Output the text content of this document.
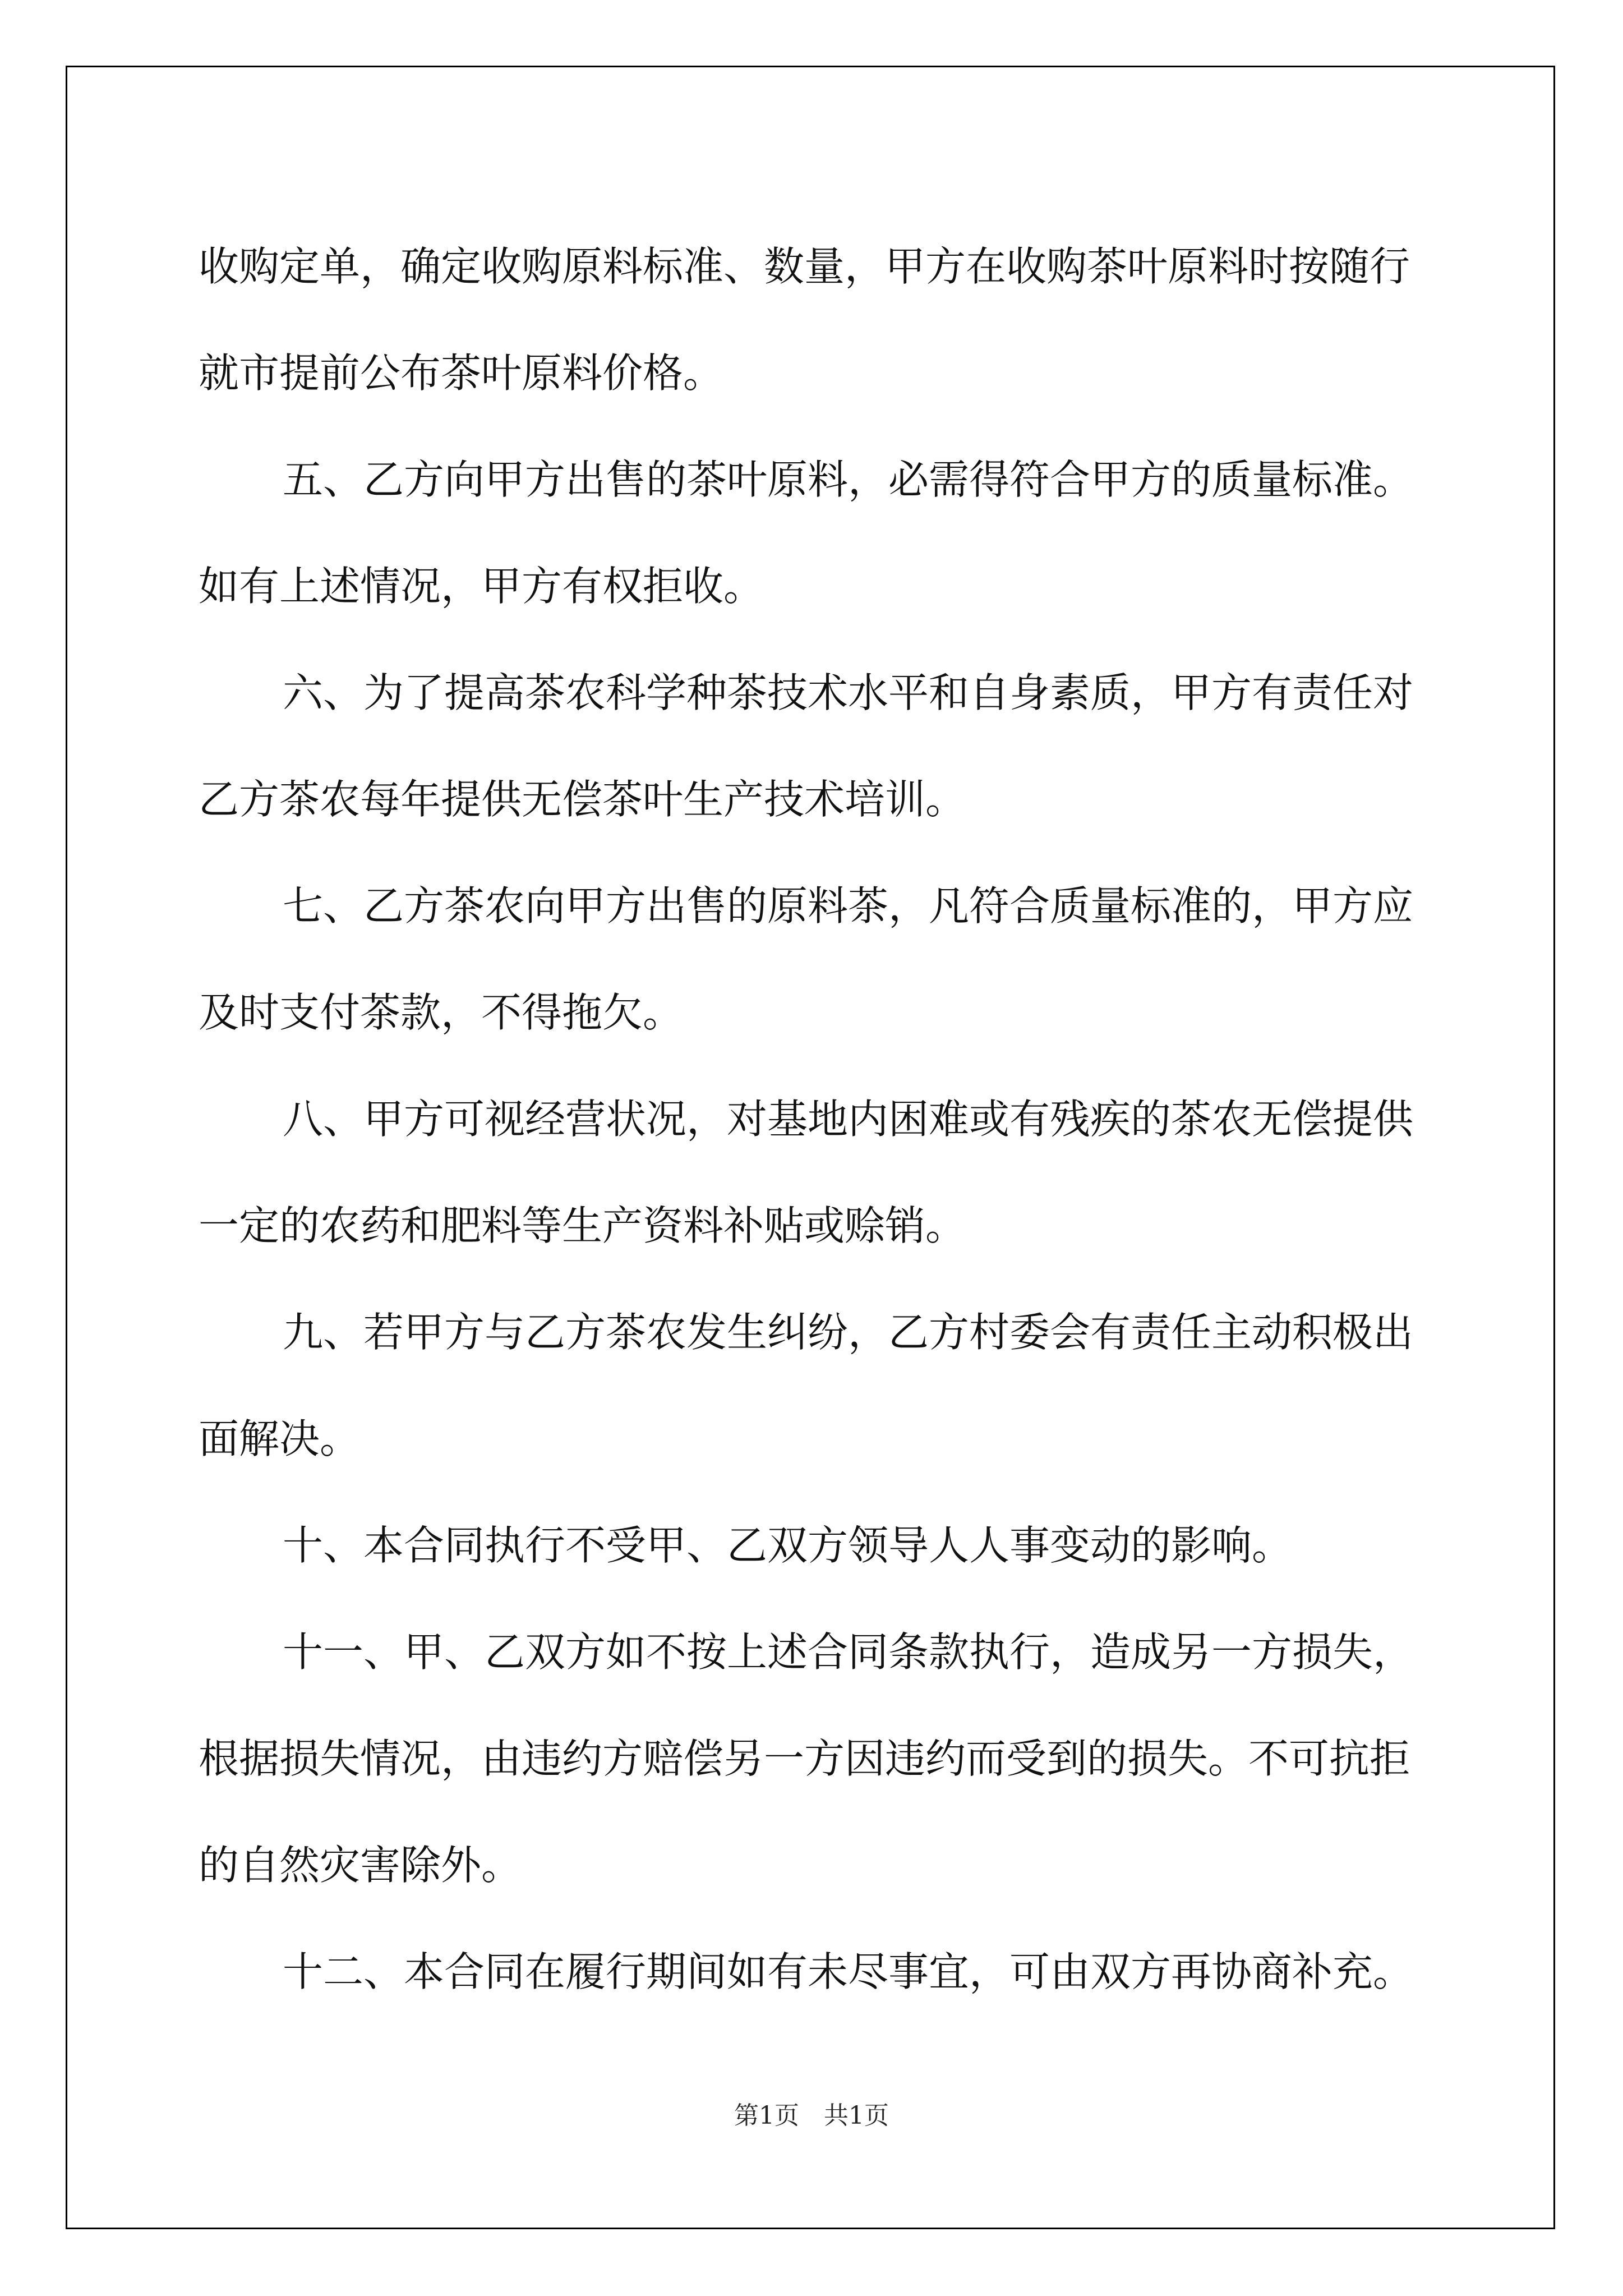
收购定单，确定收购原料标准、数量，甲方在收购茶叶原料时按随行

就市提前公布茶叶原料价格。

五、乙方向甲方出售的茶叶原料，必需得符合甲方的质量标准。

如有上述情况，甲方有权拒收。

六、为了提高茶农科学种茶技术水平和自身素质，甲方有责任对

乙方茶农每年提供无偿茶叶生产技术培训。

七、乙方茶农向甲方出售的原料茶，凡符合质量标准的，甲方应

及时支付茶款，不得拖欠。

八、甲方可视经营状况，对基地内困难或有残疾的茶农无偿提供

一定的农药和肥料等生产资料补贴或赊销。

九、若甲方与乙方茶农发生纠纷，乙方村委会有责任主动积极出

面解决。

十、本合同执行不受甲、乙双方领导人人事变动的影响。

十一、甲、乙双方如不按上述合同条款执行，造成另一方损失，

根据损失情况，由违约方赔偿另一方因违约而受到的损失。不可抗拒

的自然灾害除外。

十二、本合同在履行期间如有未尽事宜，可由双方再协商补充。

第1页 共1页
